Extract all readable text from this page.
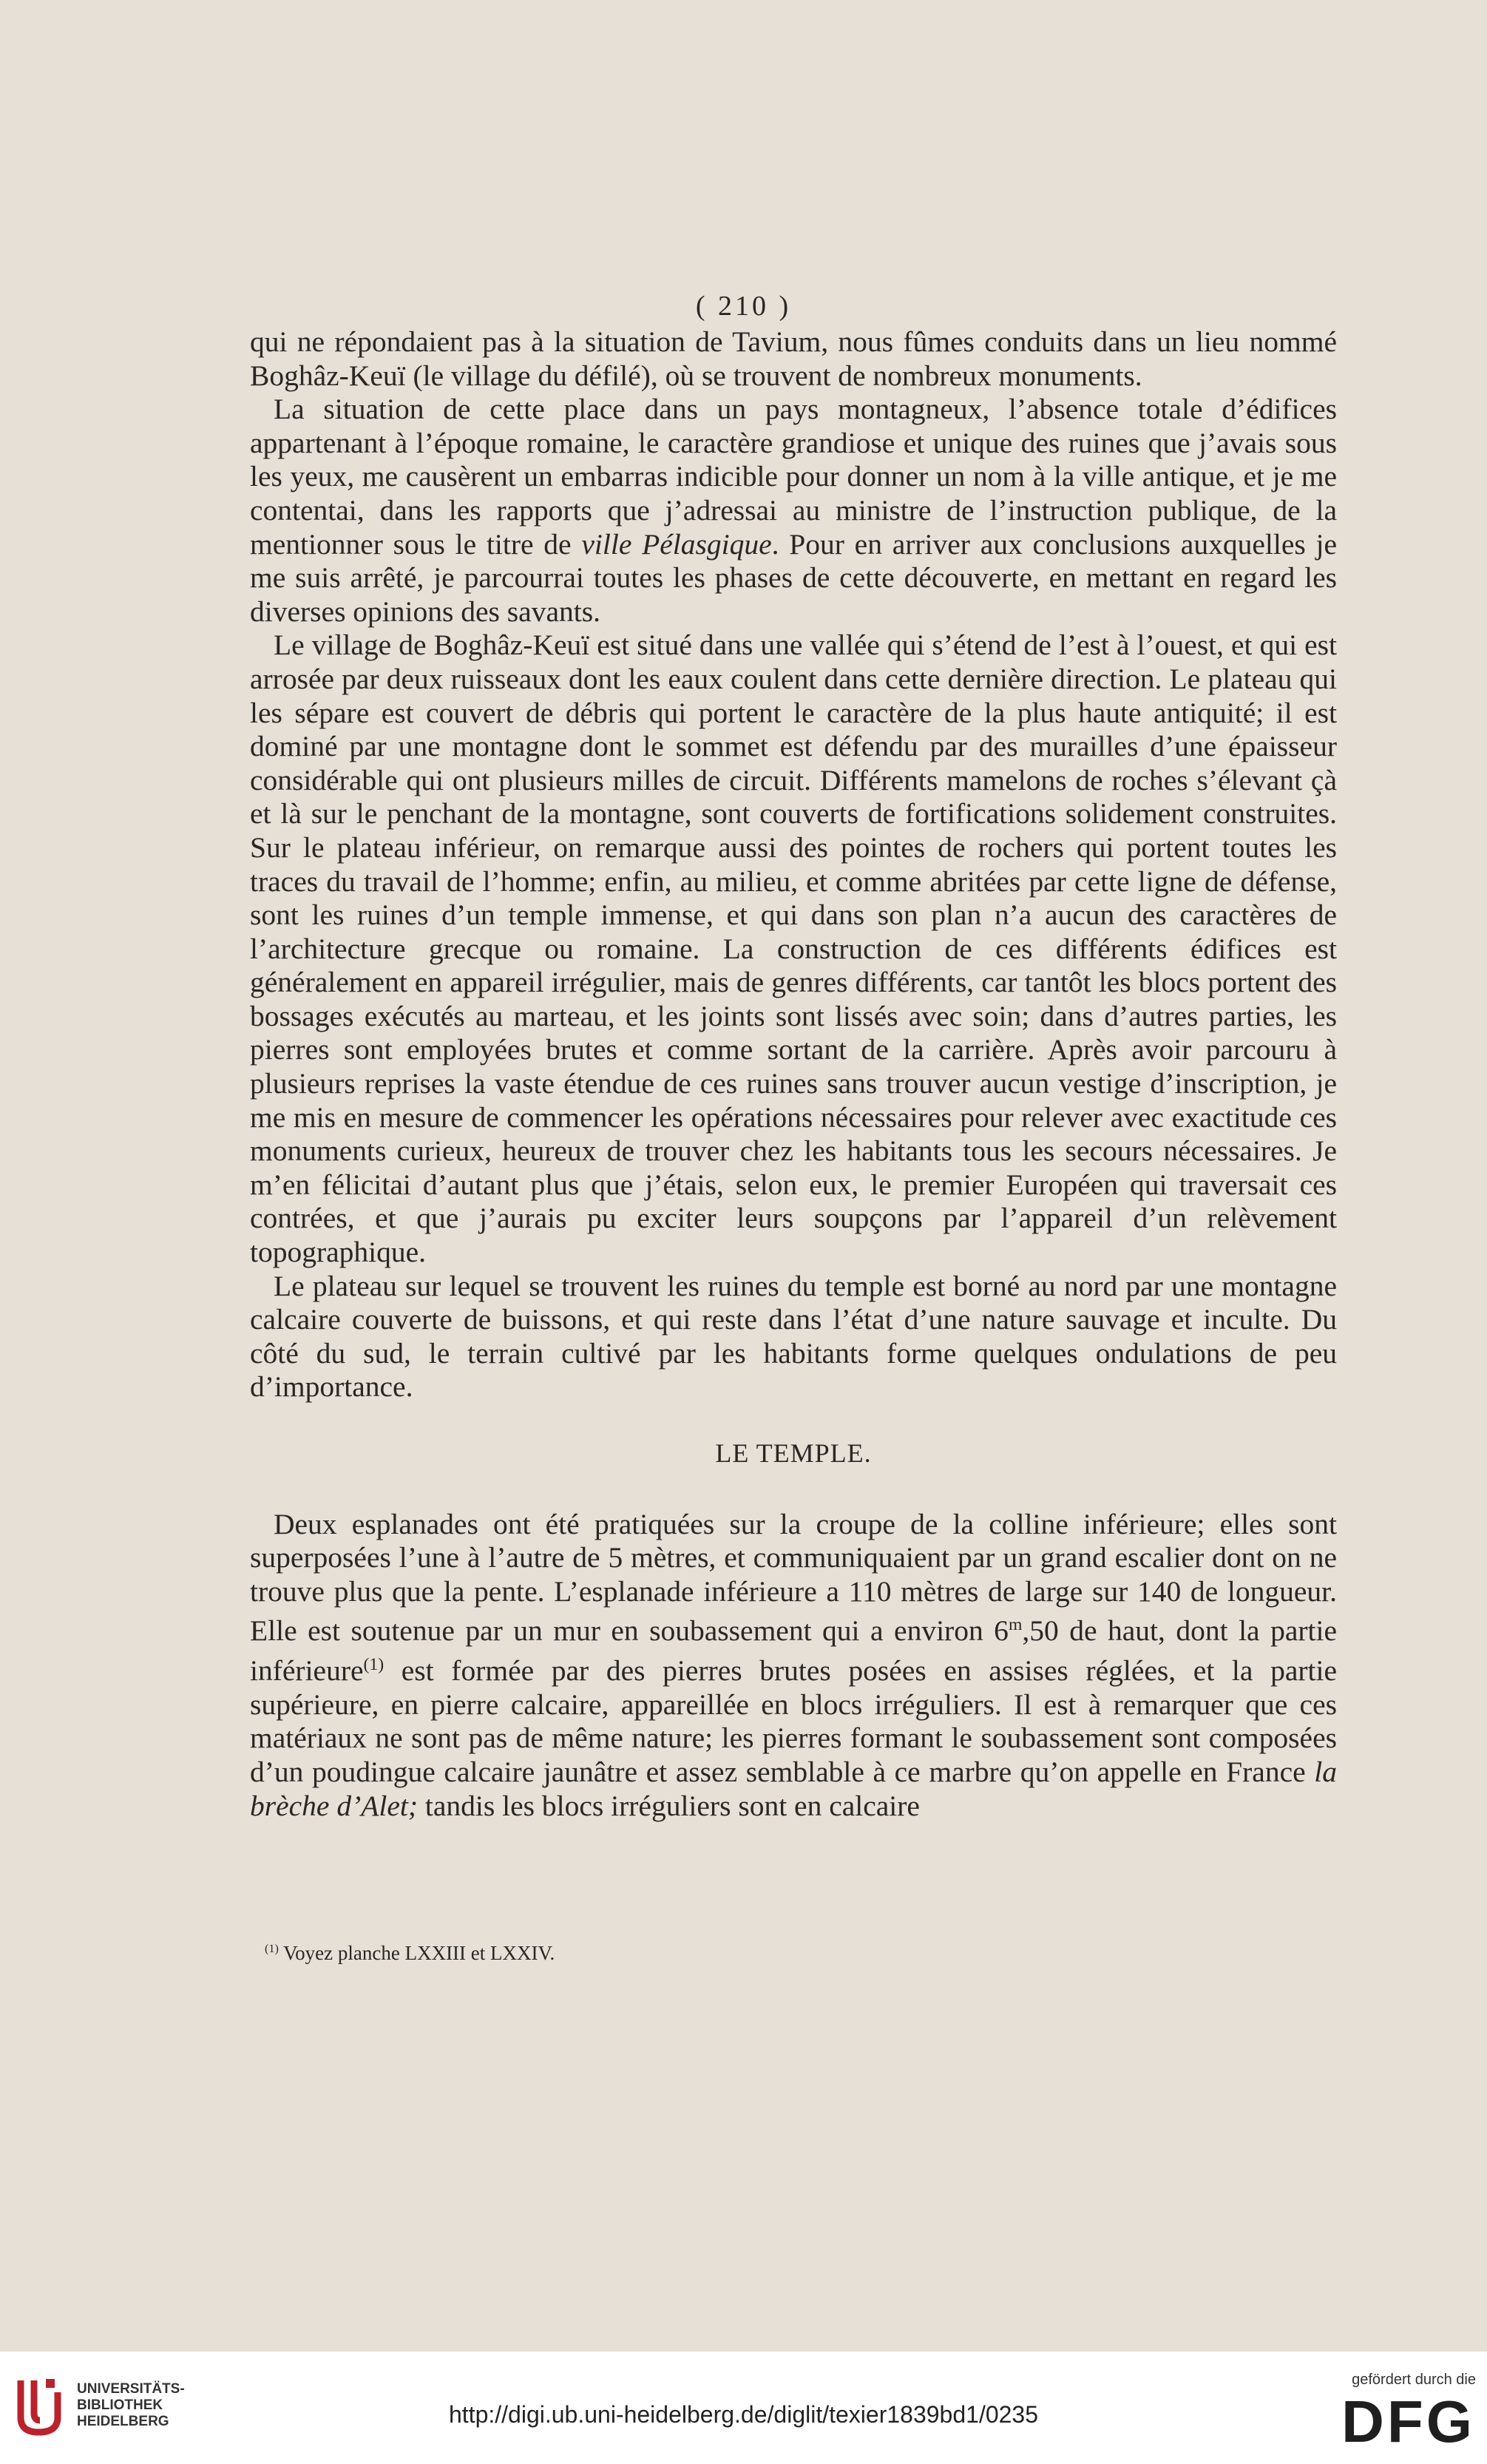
( 210 )

qui ne répondaient pas à la situation de Tavium, nous fûmes conduits dans un lieu nommé Boghâz-Keuï (le village du défilé), où se trouvent de nombreux monuments.

La situation de cette place dans un pays montagneux, l’absence totale d’édifices appartenant à l’époque romaine, le caractère grandiose et unique des ruines que j’avais sous les yeux, me causèrent un embarras indicible pour donner un nom à la ville antique, et je me contentai, dans les rapports que j’adressai au ministre de l’instruction publique, de la mentionner sous le titre de ville Pélasgique. Pour en arriver aux conclusions auxquelles je me suis arrêté, je parcourrai toutes les phases de cette découverte, en mettant en regard les diverses opinions des savants.

Le village de Boghâz-Keuï est situé dans une vallée qui s’étend de l’est à l’ouest, et qui est arrosée par deux ruisseaux dont les eaux coulent dans cette dernière direction. Le plateau qui les sépare est couvert de débris qui portent le caractère de la plus haute antiquité; il est dominé par une montagne dont le sommet est défendu par des murailles d’une épaisseur considérable qui ont plusieurs milles de circuit. Différents mamelons de roches s’élevant çà et là sur le penchant de la montagne, sont couverts de fortifications solidement construites. Sur le plateau inférieur, on remarque aussi des pointes de rochers qui portent toutes les traces du travail de l’homme; enfin, au milieu, et comme abritées par cette ligne de défense, sont les ruines d’un temple immense, et qui dans son plan n’a aucun des caractères de l’architecture grecque ou romaine. La construction de ces différents édifices est généralement en appareil irrégulier, mais de genres différents, car tantôt les blocs portent des bossages exécutés au marteau, et les joints sont lissés avec soin; dans d’autres parties, les pierres sont employées brutes et comme sortant de la carrière. Après avoir parcouru à plusieurs reprises la vaste étendue de ces ruines sans trouver aucun vestige d’inscription, je me mis en mesure de commencer les opérations nécessaires pour relever avec exactitude ces monuments curieux, heureux de trouver chez les habitants tous les secours nécessaires. Je m’en félicitai d’autant plus que j’étais, selon eux, le premier Européen qui traversait ces contrées, et que j’aurais pu exciter leurs soupçons par l’appareil d’un relèvement topographique.

Le plateau sur lequel se trouvent les ruines du temple est borné au nord par une montagne calcaire couverte de buissons, et qui reste dans l’état d’une nature sauvage et inculte. Du côté du sud, le terrain cultivé par les habitants forme quelques ondulations de peu d’importance.

LE TEMPLE.

Deux esplanades ont été pratiquées sur la croupe de la colline inférieure; elles sont superposées l’une à l’autre de 5 mètres, et communiquaient par un grand escalier dont on ne trouve plus que la pente. L’esplanade inférieure a 110 mètres de large sur 140 de longueur. Elle est soutenue par un mur en soubassement qui a environ 6$^m$,50 de haut, dont la partie inférieure$^{(1)}$ est formée par des pierres brutes posées en assises réglées, et la partie supérieure, en pierre calcaire, appareillée en blocs irréguliers. Il est à remarquer que ces matériaux ne sont pas de même nature; les pierres formant le soubassement sont composées d’un poudingue calcaire jaunâtre et assez semblable à ce marbre qu’on appelle en France la brèche d’Alet; tandis les blocs irréguliers sont en calcaire

$^{(1)}$ Voyez planche LXXIII et LXXIV.
UNIVERSITÄTS-
BIBLIOTHEK
HEIDELBERG	http://digi.ub.uni-heidelberg.de/diglit/texier1839bd1/0235
gefördert durch die
DFG
